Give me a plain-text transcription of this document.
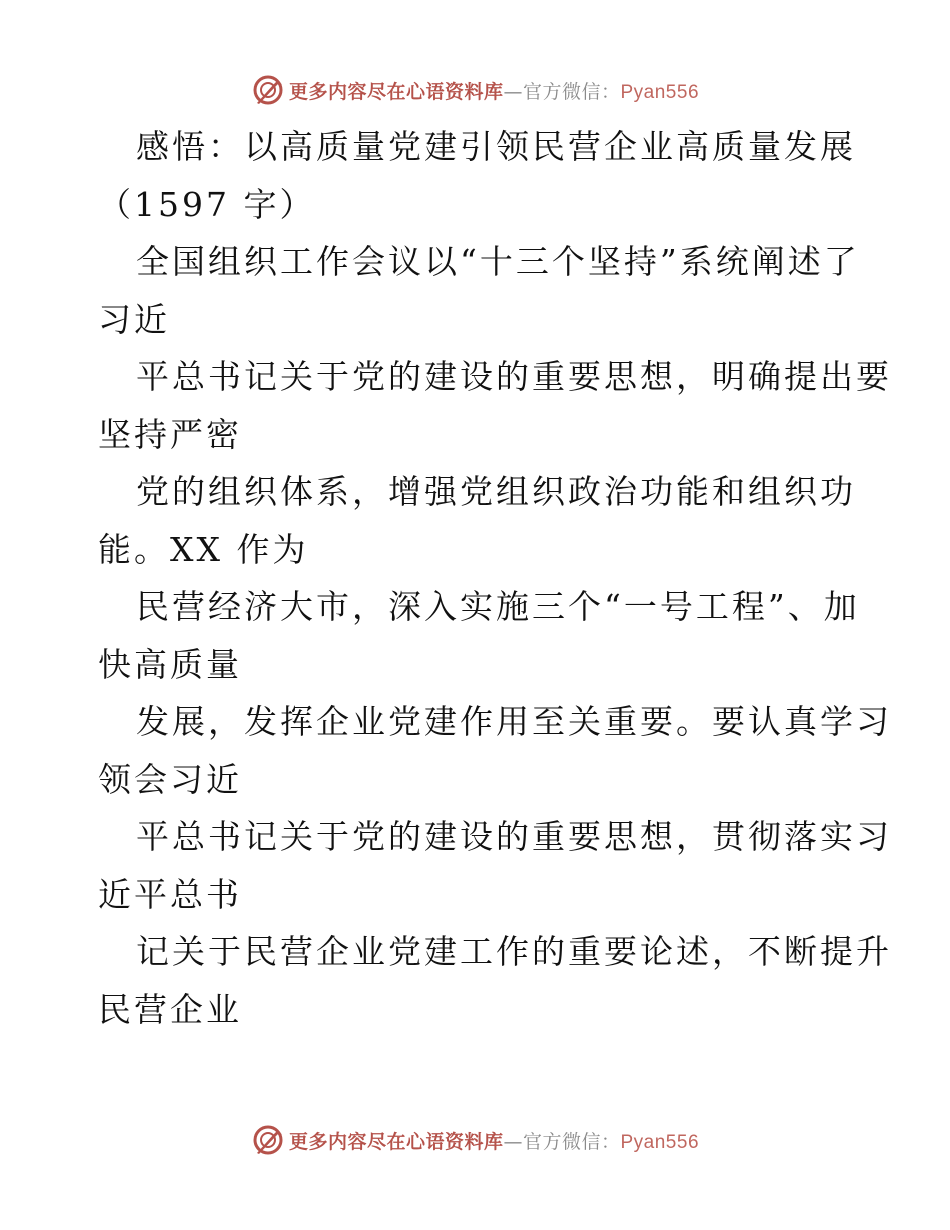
更多内容尽在心语资料库—官方微信：Pyan556
感悟：以高质量党建引领民营企业高质量发展
（1597 字）
全国组织工作会议以“十三个坚持”系统阐述了
习近
平总书记关于党的建设的重要思想，明确提出要
坚持严密
党的组织体系，增强党组织政治功能和组织功
能。XX 作为
民营经济大市，深入实施三个“一号工程”、加
快高质量
发展，发挥企业党建作用至关重要。要认真学习
领会习近
平总书记关于党的建设的重要思想，贯彻落实习
近平总书
记关于民营企业党建工作的重要论述，不断提升
民营企业
更多内容尽在心语资料库—官方微信：Pyan556
